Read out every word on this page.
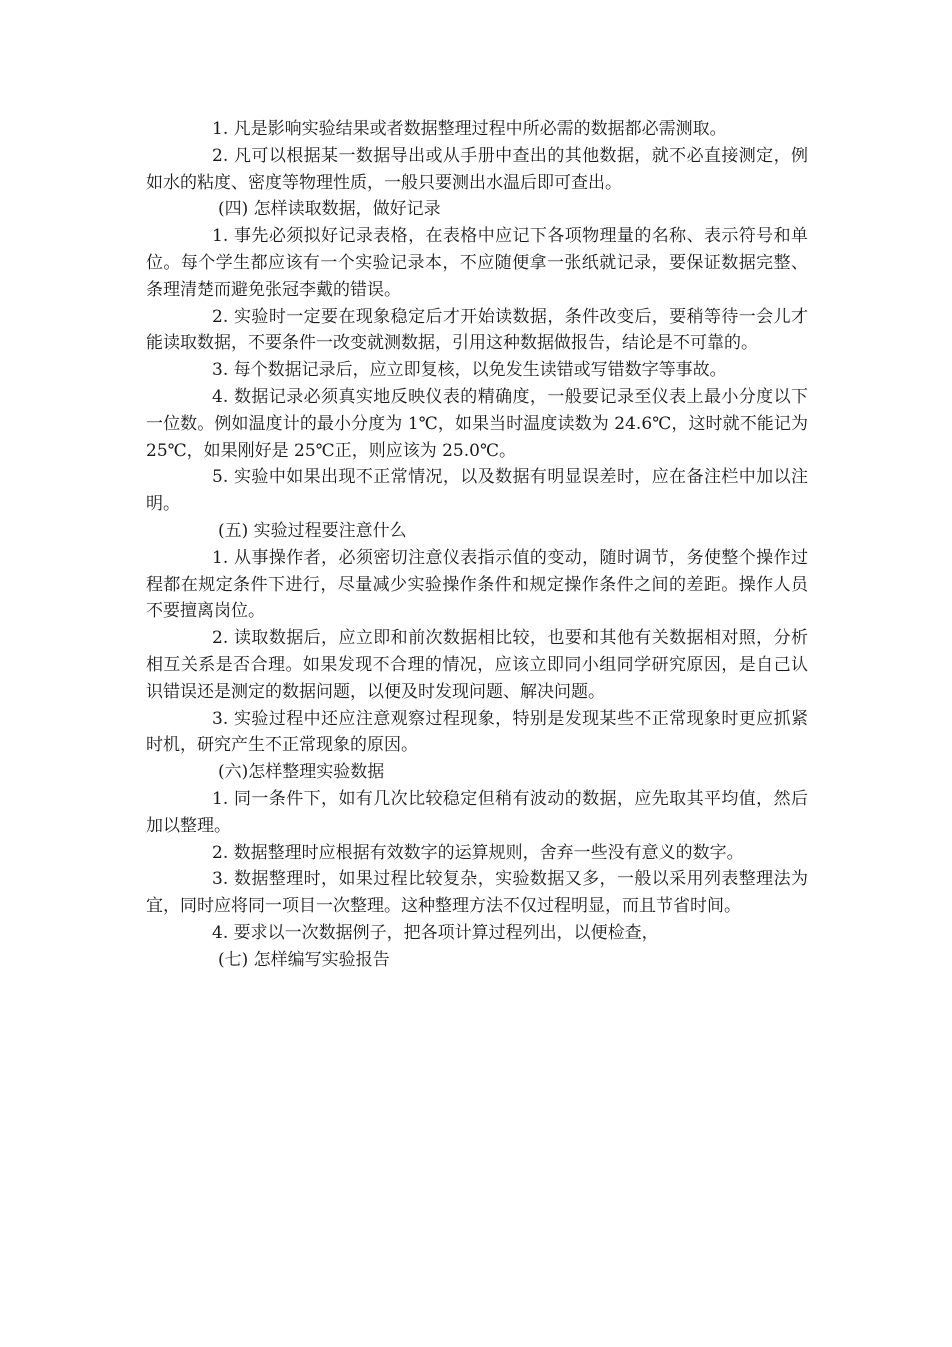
1. 凡是影响实验结果或者数据整理过程中所必需的数据都必需测取。

2. 凡可以根据某一数据导出或从手册中查出的其他数据，就不必直接测定，例如水的粘度、密度等物理性质，一般只要测出水温后即可查出。

(四) 怎样读取数据，做好记录

1. 事先必须拟好记录表格，在表格中应记下各项物理量的名称、表示符号和单位。每个学生都应该有一个实验记录本，不应随便拿一张纸就记录，要保证数据完整、条理清楚而避免张冠李戴的错误。

2. 实验时一定要在现象稳定后才开始读数据，条件改变后，要稍等待一会儿才能读取数据，不要条件一改变就测数据，引用这种数据做报告，结论是不可靠的。

3. 每个数据记录后，应立即复核，以免发生读错或写错数字等事故。

4. 数据记录必须真实地反映仪表的精确度，一般要记录至仪表上最小分度以下一位数。例如温度计的最小分度为 1℃，如果当时温度读数为 24.6℃，这时就不能记为 25℃，如果刚好是 25℃正，则应该为 25.0℃。

5. 实验中如果出现不正常情况，以及数据有明显误差时，应在备注栏中加以注明。

(五) 实验过程要注意什么

1. 从事操作者，必须密切注意仪表指示值的变动，随时调节，务使整个操作过程都在规定条件下进行，尽量减少实验操作条件和规定操作条件之间的差距。操作人员不要擅离岗位。

2. 读取数据后，应立即和前次数据相比较，也要和其他有关数据相对照，分析相互关系是否合理。如果发现不合理的情况，应该立即同小组同学研究原因，是自己认识错误还是测定的数据问题，以便及时发现问题、解决问题。

3. 实验过程中还应注意观察过程现象，特别是发现某些不正常现象时更应抓紧时机，研究产生不正常现象的原因。

(六)怎样整理实验数据

1. 同一条件下，如有几次比较稳定但稍有波动的数据，应先取其平均值，然后加以整理。

2. 数据整理时应根据有效数字的运算规则，舍弃一些没有意义的数字。

3. 数据整理时，如果过程比较复杂，实验数据又多，一般以采用列表整理法为宜，同时应将同一项目一次整理。这种整理方法不仅过程明显，而且节省时间。

4. 要求以一次数据例子，把各项计算过程列出，以便检查，

(七) 怎样编写实验报告
